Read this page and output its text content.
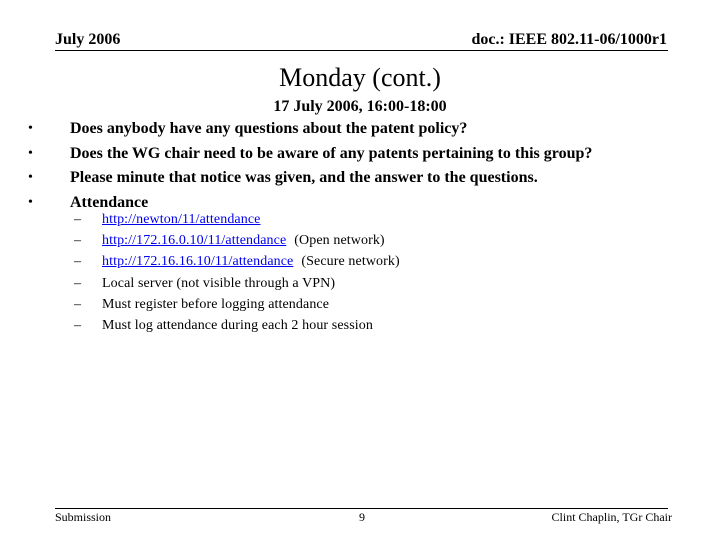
July 2006	doc.: IEEE 802.11-06/1000r1
Monday (cont.)
17 July 2006, 16:00-18:00
•	Does anybody have any questions about the patent policy?
•	Does the WG chair need to be aware of any patents pertaining to this group?
•	Please minute that notice was given, and the answer to the questions.
•	Attendance
– http://newton/11/attendance
– http://172.16.0.10/11/attendance (Open network)
– http://172.16.16.10/11/attendance (Secure network)
– Local server (not visible through a VPN)
– Must register before logging attendance
– Must log attendance during each 2 hour session
Submission	9	Clint Chaplin, TGr Chair
